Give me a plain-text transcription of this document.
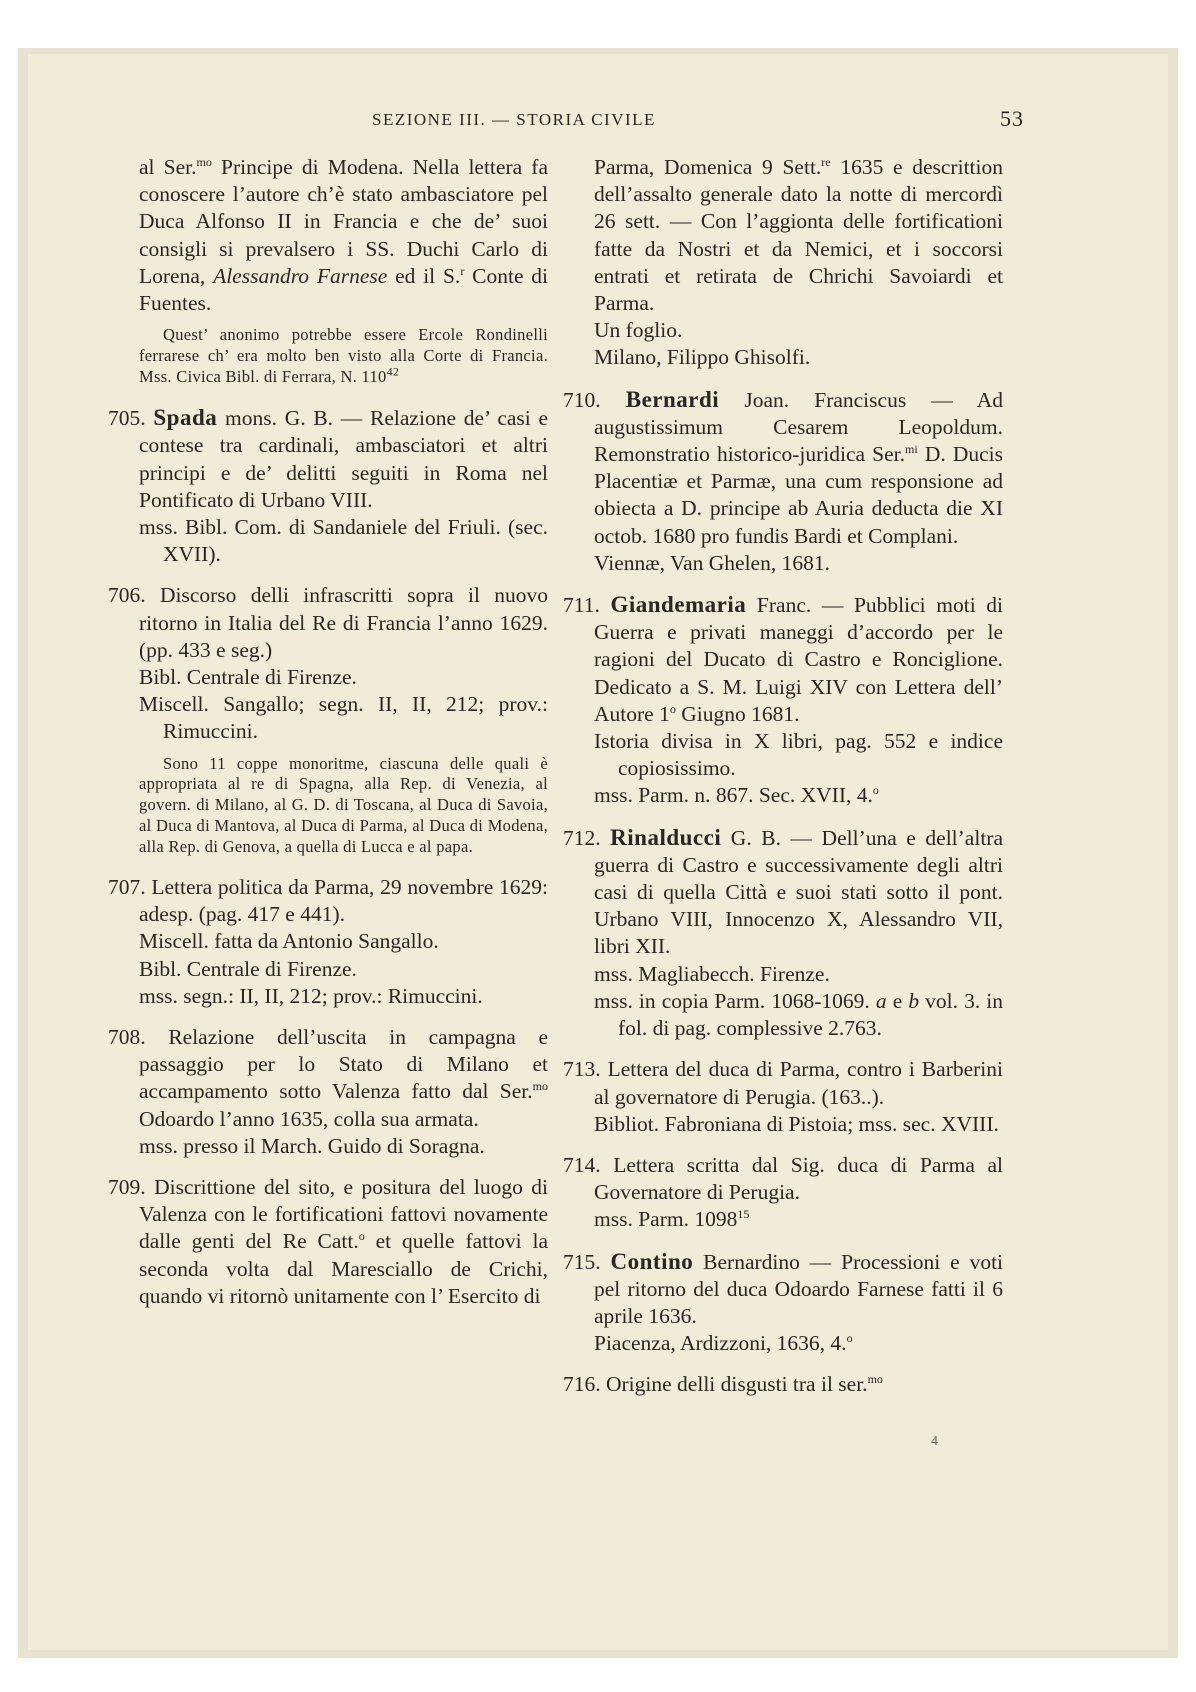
SEZIONE III. — STORIA CIVILE	53

al Ser.$^{mo}$ Principe di Modena. Nella lettera fa conoscere l’autore ch’è stato ambasciatore pel Duca Alfonso II in Francia e che de’ suoi consigli si prevalsero i SS. Duchi Carlo di Lorena, Alessandro Farnese ed il S.$^r$ Conte di Fuentes.

Quest’ anonimo potrebbe essere Ercole Rondinelli ferrarese ch’ era molto ben visto alla Corte di Francia. Mss. Civica Bibl. di Ferrara, N. $110^{42}$

705. Spada mons. G. B. — Relazione de’ casi e contese tra cardinali, ambasciatori et altri principi e de’ delitti seguiti in Roma nel Pontificato di Urbano VIII.

mss. Bibl. Com. di Sandaniele del Friuli. (sec. XVII).

706. Discorso delli infrascritti sopra il nuovo ritorno in Italia del Re di Francia l’anno 1629. (pp. 433 e seg.)

Bibl. Centrale di Firenze.

Miscell. Sangallo; segn. II, II, 212; prov.: Rimuccini.

Sono 11 coppe monoritme, ciascuna delle quali è appropriata al re di Spagna, alla Rep. di Venezia, al govern. di Milano, al G. D. di Toscana, al Duca di Savoia, al Duca di Mantova, al Duca di Parma, al Duca di Modena, alla Rep. di Genova, a quella di Lucca e al papa.

707. Lettera politica da Parma, 29 novembre 1629: adesp. (pag. 417 e 441).

Miscell. fatta da Antonio Sangallo.

Bibl. Centrale di Firenze.

mss. segn.: II, II, 212; prov.: Rimuccini.

708. Relazione dell’uscita in campagna e passaggio per lo Stato di Milano et accampamento sotto Valenza fatto dal Ser.$^{mo}$ Odoardo l’anno 1635, colla sua armata.

mss. presso il March. Guido di Soragna.

709. Discrittione del sito, e positura del luogo di Valenza con le fortificationi fattovi novamente dalle genti del Re Catt.$^o$ et quelle fattovi la seconda volta dal Maresciallo de Crichi, quando vi ritornò unitamente con l’ Esercito di

Parma, Domenica 9 Sett.$^{re}$ 1635 e descrittion dell’assalto generale dato la notte di mercordì 26 sett. — Con l’aggionta delle fortificationi fatte da Nostri et da Nemici, et i soccorsi entrati et retirata de Chrichi Savoiardi et Parma.

Un foglio.

Milano, Filippo Ghisolfi.

710. Bernardi Joan. Franciscus — Ad augustissimum Cesarem Leopoldum. Remonstratio historico-juridica Ser.$^{mi}$ D. Ducis Placentiæ et Parmæ, una cum responsione ad obiecta a D. principe ab Auria deducta die XI octob. 1680 pro fundis Bardi et Complani.

Viennæ, Van Ghelen, 1681.

711. Giandemaria Franc. — Pubblici moti di Guerra e privati maneggi d’accordo per le ragioni del Ducato di Castro e Ronciglione. Dedicato a S. M. Luigi XIV con Lettera dell’ Autore 1$^o$ Giugno 1681.

Istoria divisa in X libri, pag. 552 e indice copiosissimo.

mss. Parm. n. 867. Sec. XVII, 4.$^o$

712. Rinalducci G. B. — Dell’una e dell’altra guerra di Castro e successivamente degli altri casi di quella Città e suoi stati sotto il pont. Urbano VIII, Innocenzo X, Alessandro VII, libri XII.

mss. Magliabecch. Firenze.

mss. in copia Parm. 1068-1069. a e b vol. 3. in fol. di pag. complessive 2.763.

713. Lettera del duca di Parma, contro i Barberini al governatore di Perugia. (163..).

Bibliot. Fabroniana di Pistoia; mss. sec. XVIII.

714. Lettera scritta dal Sig. duca di Parma al Governatore di Perugia.

mss. Parm. 1098$^{15}$

715. Contino Bernardino — Processioni e voti pel ritorno del duca Odoardo Farnese fatti il 6 aprile 1636.

Piacenza, Ardizzoni, 1636, 4.$^o$

716. Origine delli disgusti tra il ser.$^{mo}$

4
